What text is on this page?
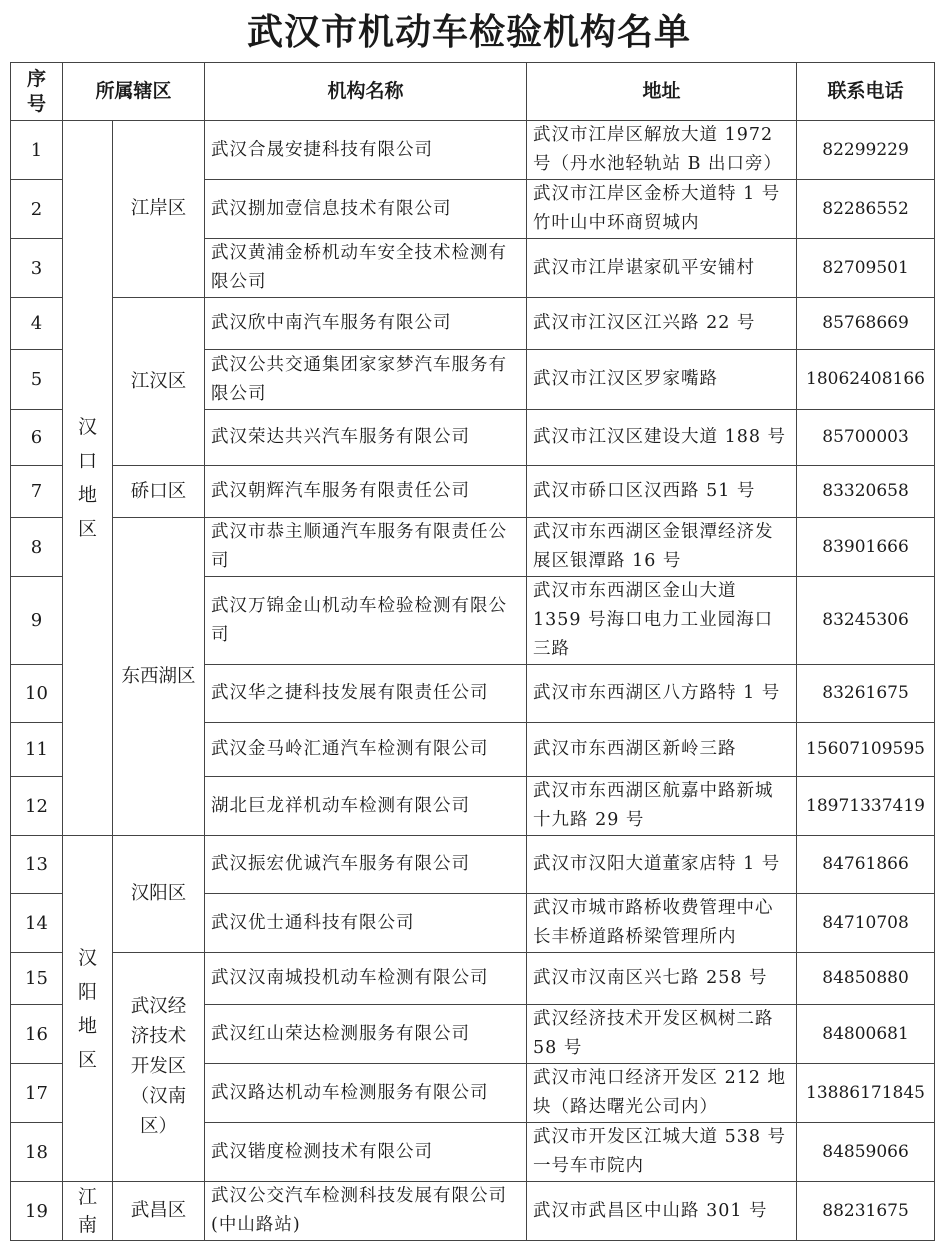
武汉市机动车检验机构名单
序号	所属辖区		机构名称	地址	联系电话
1	汉口地区	江岸区	武汉合晟安捷科技有限公司	武汉市江岸区解放大道 1972 号（丹水池轻轨站 B 出口旁）	82299229
2			武汉捌加壹信息技术有限公司	武汉市江岸区金桥大道特 1 号竹叶山中环商贸城内	82286552
3			武汉黄浦金桥机动车安全技术检测有限公司	武汉市江岸谌家矶平安铺村	82709501
4		江汉区	武汉欣中南汽车服务有限公司	武汉市江汉区江兴路 22 号	85768669
5			武汉公共交通集团家家梦汽车服务有限公司	武汉市江汉区罗家嘴路	18062408166
6			武汉荣达共兴汽车服务有限公司	武汉市江汉区建设大道 188 号	85700003
7		硚口区	武汉朝辉汽车服务有限责任公司	武汉市硚口区汉西路 51 号	83320658
8		东西湖区	武汉市恭主顺通汽车服务有限责任公司	武汉市东西湖区金银潭经济发展区银潭路 16 号	83901666
9			武汉万锦金山机动车检验检测有限公司	武汉市东西湖区金山大道 1359 号海口电力工业园海口三路	83245306
10			武汉华之捷科技发展有限责任公司	武汉市东西湖区八方路特 1 号	83261675
11			武汉金马岭汇通汽车检测有限公司	武汉市东西湖区新岭三路	15607109595
12			湖北巨龙祥机动车检测有限公司	武汉市东西湖区航嘉中路新城十九路 29 号	18971337419
13	汉阳地区	汉阳区	武汉振宏优诚汽车服务有限公司	武汉市汉阳大道董家店特 1 号	84761866
14			武汉优士通科技有限公司	武汉市城市路桥收费管理中心长丰桥道路桥梁管理所内	84710708
15		武汉经济技术开发区（汉南区）	武汉汉南城投机动车检测有限公司	武汉市汉南区兴七路 258 号	84850880
16			武汉红山荣达检测服务有限公司	武汉经济技术开发区枫树二路 58 号	84800681
17			武汉路达机动车检测服务有限公司	武汉市沌口经济开发区 212 地块（路达曙光公司内）	13886171845
18			武汉锴度检测技术有限公司	武汉市开发区江城大道 538 号一号车市院内	84859066
19	江南	武昌区	武汉公交汽车检测科技发展有限公司(中山路站)	武汉市武昌区中山路 301 号	88231675
